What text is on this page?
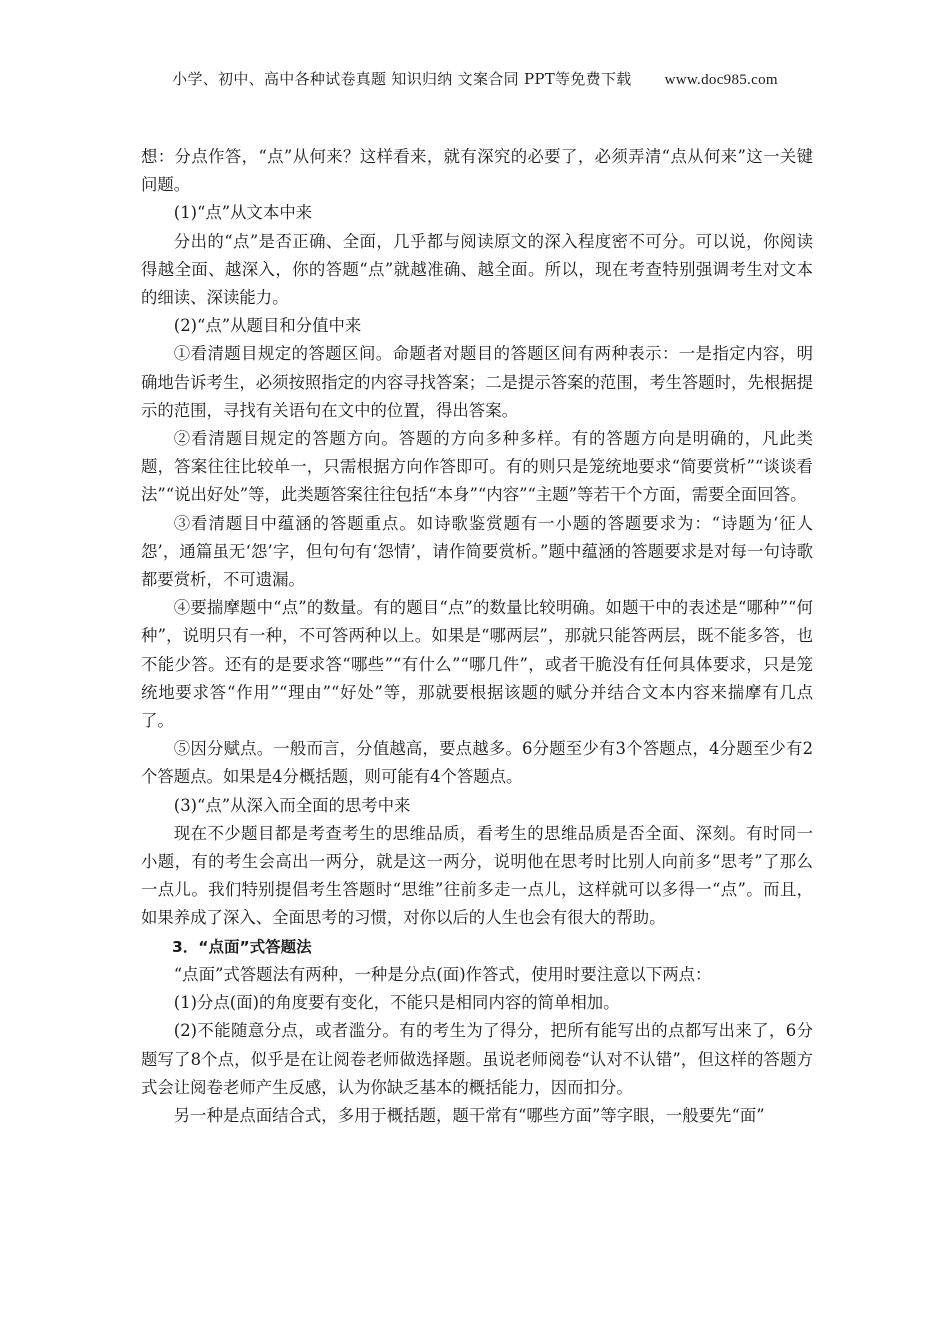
小学、初中、高中各种试卷真题 知识归纳 文案合同 PPT等免费下载 www.doc985.com

想：分点作答，“点”从何来？这样看来，就有深究的必要了，必须弄清“点从何来”这一关键问题。

(1)“点”从文本中来

分出的“点”是否正确、全面，几乎都与阅读原文的深入程度密不可分。可以说，你阅读得越全面、越深入，你的答题“点”就越准确、越全面。所以，现在考查特别强调考生对文本的细读、深读能力。

(2)“点”从题目和分值中来

①看清题目规定的答题区间。命题者对题目的答题区间有两种表示：一是指定内容，明确地告诉考生，必须按照指定的内容寻找答案；二是提示答案的范围，考生答题时，先根据提示的范围，寻找有关语句在文中的位置，得出答案。

②看清题目规定的答题方向。答题的方向多种多样。有的答题方向是明确的，凡此类题，答案往往比较单一，只需根据方向作答即可。有的则只是笼统地要求“简要赏析”“谈谈看法”“说出好处”等，此类题答案往往包括“本身”“内容”“主题”等若干个方面，需要全面回答。

③看清题目中蕴涵的答题重点。如诗歌鉴赏题有一小题的答题要求为：“诗题为‘征人怨’，通篇虽无‘怨’字，但句句有‘怨情’，请作简要赏析。”题中蕴涵的答题要求是对每一句诗歌都要赏析，不可遗漏。

④要揣摩题中“点”的数量。有的题目“点”的数量比较明确。如题干中的表述是“哪种”“何种”，说明只有一种，不可答两种以上。如果是“哪两层”，那就只能答两层，既不能多答，也不能少答。还有的是要求答“哪些”“有什么”“哪几件”，或者干脆没有任何具体要求，只是笼统地要求答“作用”“理由”“好处”等，那就要根据该题的赋分并结合文本内容来揣摩有几点了。

⑤因分赋点。一般而言，分值越高，要点越多。6分题至少有3个答题点，4分题至少有2个答题点。如果是4分概括题，则可能有4个答题点。

(3)“点”从深入而全面的思考中来

现在不少题目都是考查考生的思维品质，看考生的思维品质是否全面、深刻。有时同一小题，有的考生会高出一两分，就是这一两分，说明他在思考时比别人向前多“思考”了那么一点儿。我们特别提倡考生答题时“思维”往前多走一点儿，这样就可以多得一“点”。而且，如果养成了深入、全面思考的习惯，对你以后的人生也会有很大的帮助。

3．“点面”式答题法

“点面”式答题法有两种，一种是分点(面)作答式，使用时要注意以下两点：

(1)分点(面)的角度要有变化，不能只是相同内容的简单相加。

(2)不能随意分点，或者滥分。有的考生为了得分，把所有能写出的点都写出来了，6分题写了8个点，似乎是在让阅卷老师做选择题。虽说老师阅卷“认对不认错”，但这样的答题方式会让阅卷老师产生反感，认为你缺乏基本的概括能力，因而扣分。

另一种是点面结合式，多用于概括题，题干常有“哪些方面”等字眼，一般要先“面”
